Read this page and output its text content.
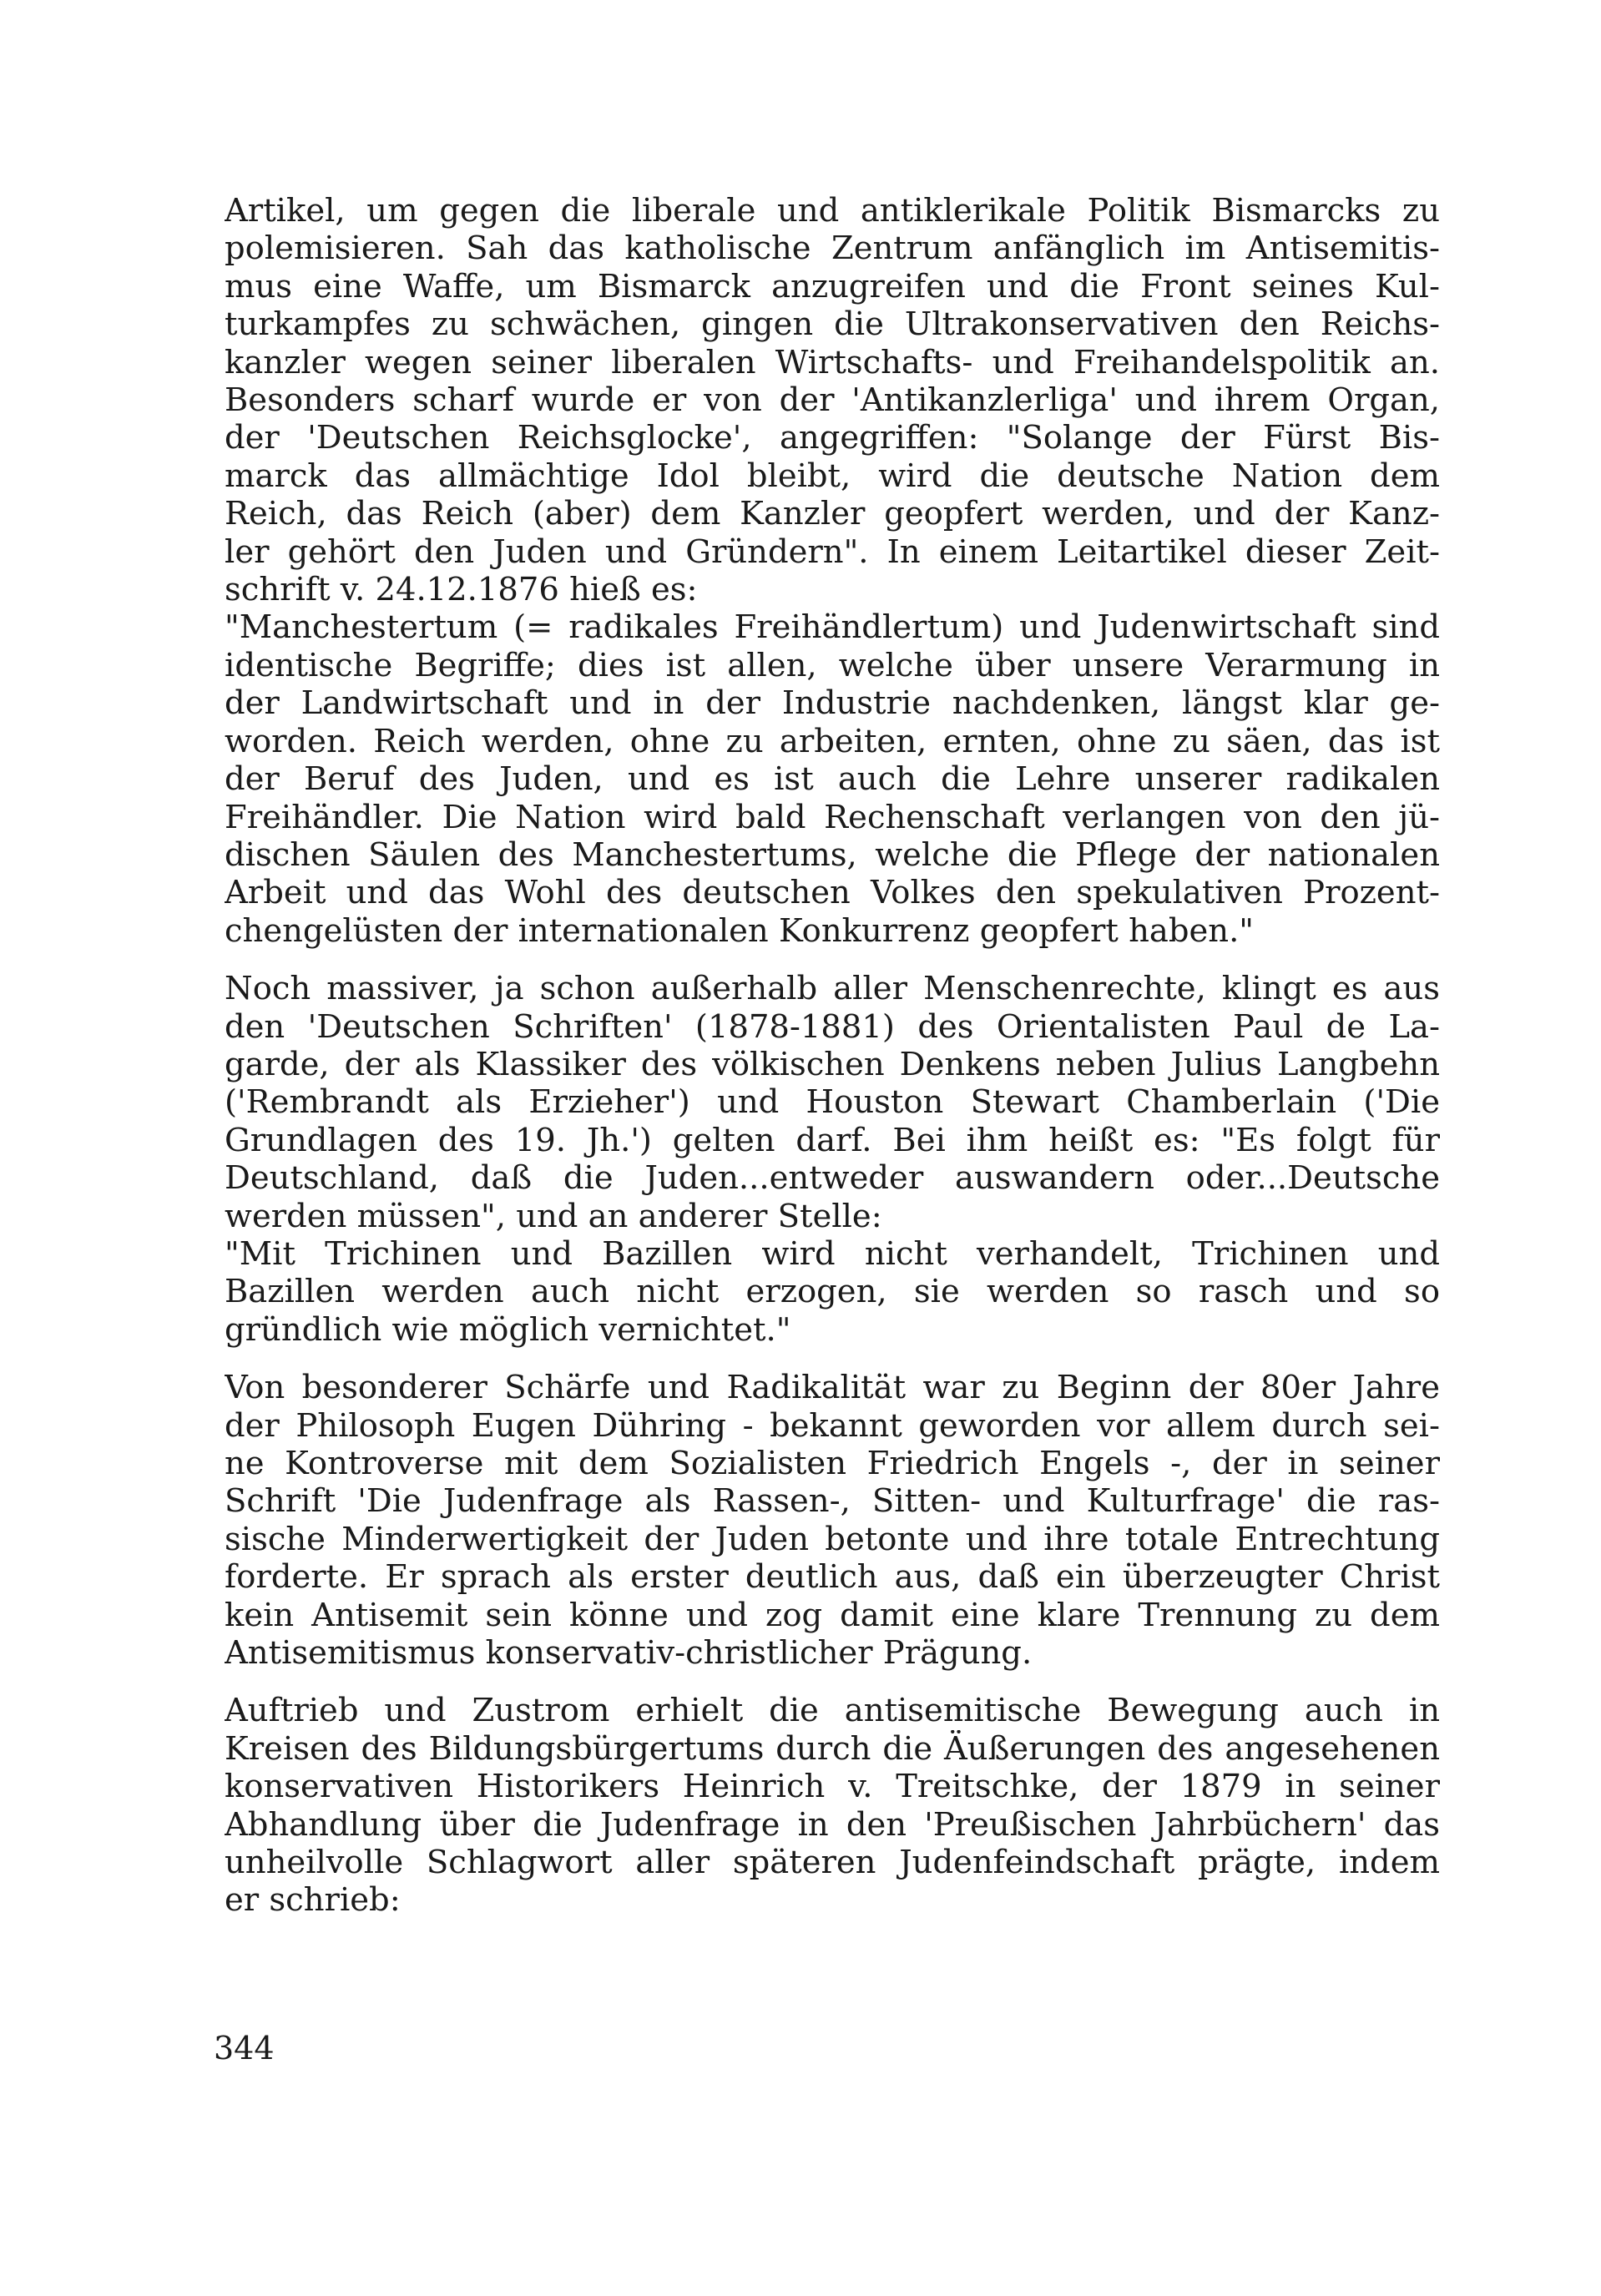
Artikel, um gegen die liberale und antiklerikale Politik Bismarcks zu
polemisieren. Sah das katholische Zentrum anfänglich im Antisemitis-
mus eine Waffe, um Bismarck anzugreifen und die Front seines Kul-
turkampfes zu schwächen, gingen die Ultrakonservativen den Reichs-
kanzler wegen seiner liberalen Wirtschafts- und Freihandelspolitik an.
Besonders scharf wurde er von der 'Antikanzlerliga' und ihrem Organ,
der 'Deutschen Reichsglocke', angegriffen: "Solange der Fürst Bis-
marck das allmächtige Idol bleibt, wird die deutsche Nation dem
Reich, das Reich (aber) dem Kanzler geopfert werden, und der Kanz-
ler gehört den Juden und Gründern". In einem Leitartikel dieser Zeit-
schrift v. 24.12.1876 hieß es:
"Manchestertum (= radikales Freihändlertum) und Judenwirtschaft sind
identische Begriffe; dies ist allen, welche über unsere Verarmung in
der Landwirtschaft und in der Industrie nachdenken, längst klar ge-
worden. Reich werden, ohne zu arbeiten, ernten, ohne zu säen, das ist
der Beruf des Juden, und es ist auch die Lehre unserer radikalen
Freihändler. Die Nation wird bald Rechenschaft verlangen von den jü-
dischen Säulen des Manchestertums, welche die Pflege der nationalen
Arbeit und das Wohl des deutschen Volkes den spekulativen Prozent-
chengelüsten der internationalen Konkurrenz geopfert haben."

Noch massiver, ja schon außerhalb aller Menschenrechte, klingt es aus
den 'Deutschen Schriften' (1878-1881) des Orientalisten Paul de La-
garde, der als Klassiker des völkischen Denkens neben Julius Langbehn
('Rembrandt als Erzieher') und Houston Stewart Chamberlain ('Die
Grundlagen des 19. Jh.') gelten darf. Bei ihm heißt es: "Es folgt für
Deutschland, daß die Juden...entweder auswandern oder...Deutsche
werden müssen", und an anderer Stelle:
"Mit Trichinen und Bazillen wird nicht verhandelt, Trichinen und
Bazillen werden auch nicht erzogen, sie werden so rasch und so
gründlich wie möglich vernichtet."

Von besonderer Schärfe und Radikalität war zu Beginn der 80er Jahre
der Philosoph Eugen Dühring - bekannt geworden vor allem durch sei-
ne Kontroverse mit dem Sozialisten Friedrich Engels -, der in seiner
Schrift 'Die Judenfrage als Rassen-, Sitten- und Kulturfrage' die ras-
sische Minderwertigkeit der Juden betonte und ihre totale Entrechtung
forderte. Er sprach als erster deutlich aus, daß ein überzeugter Christ
kein Antisemit sein könne und zog damit eine klare Trennung zu dem
Antisemitismus konservativ-christlicher Prägung.

Auftrieb und Zustrom erhielt die antisemitische Bewegung auch in
Kreisen des Bildungsbürgertums durch die Äußerungen des angesehenen
konservativen Historikers Heinrich v. Treitschke, der 1879 in seiner
Abhandlung über die Judenfrage in den 'Preußischen Jahrbüchern' das
unheilvolle Schlagwort aller späteren Judenfeindschaft prägte, indem
er schrieb:

344
